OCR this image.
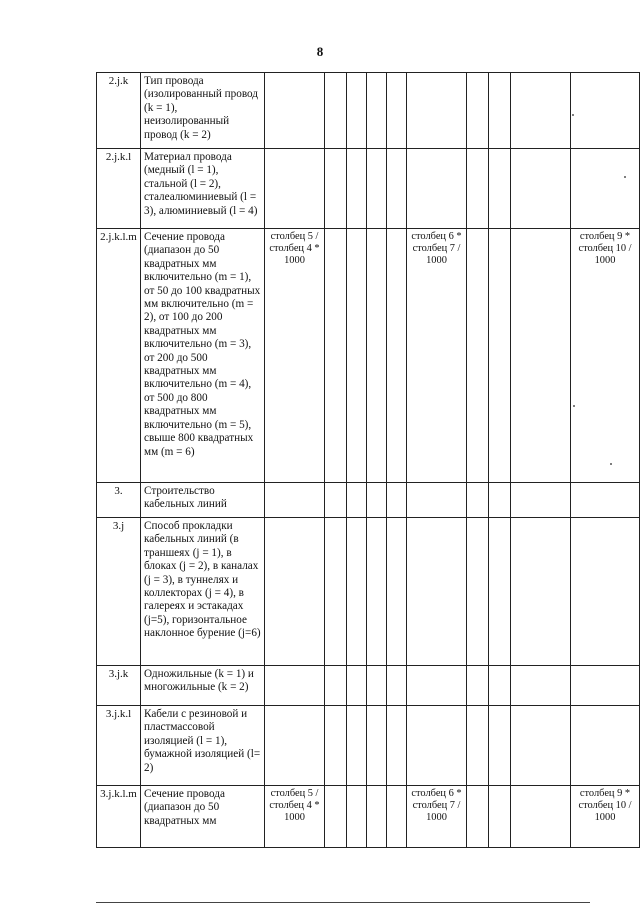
8
2.j.k	Тип провода (изолированный провод (k = 1), неизолированный провод (k = 2)										
2.j.k.l	Материал провода (медный (l = 1), стальной (l = 2), сталеалюминиевый (l = 3), алюминиевый (l = 4)										
2.j.k.l.m	Сечение провода (диапазон до 50 квадратных мм включительно (m = 1), от 50 до 100 квадратных мм включительно (m = 2), от 100 до 200 квадратных мм включительно (m = 3), от 200 до 500 квадратных мм включительно (m = 4), от 500 до 800 квадратных мм включительно (m = 5), свыше 800 квадратных мм (m = 6)	столбец 5 / столбец 4 * 1000					столбец 6 * столбец 7 / 1000				столбец 9 * столбец 10 / 1000
3.	Строительство кабельных линий										
3.j	Способ прокладки кабельных линий (в траншеях (j = 1), в блоках (j = 2), в каналах (j = 3), в туннелях и коллекторах (j = 4), в галереях и эстакадах (j=5), горизонтальное наклонное бурение (j=6)										
3.j.k	Одножильные (k = 1) и многожильные (k = 2)										
3.j.k.l	Кабели с резиновой и пластмассовой изоляцией (l = 1), бумажной изоляцией (l= 2)										
3.j.k.l.m	Сечение провода (диапазон до 50 квадратных мм	столбец 5 / столбец 4 * 1000					столбец 6 * столбец 7 / 1000				столбец 9 * столбец 10 / 1000
